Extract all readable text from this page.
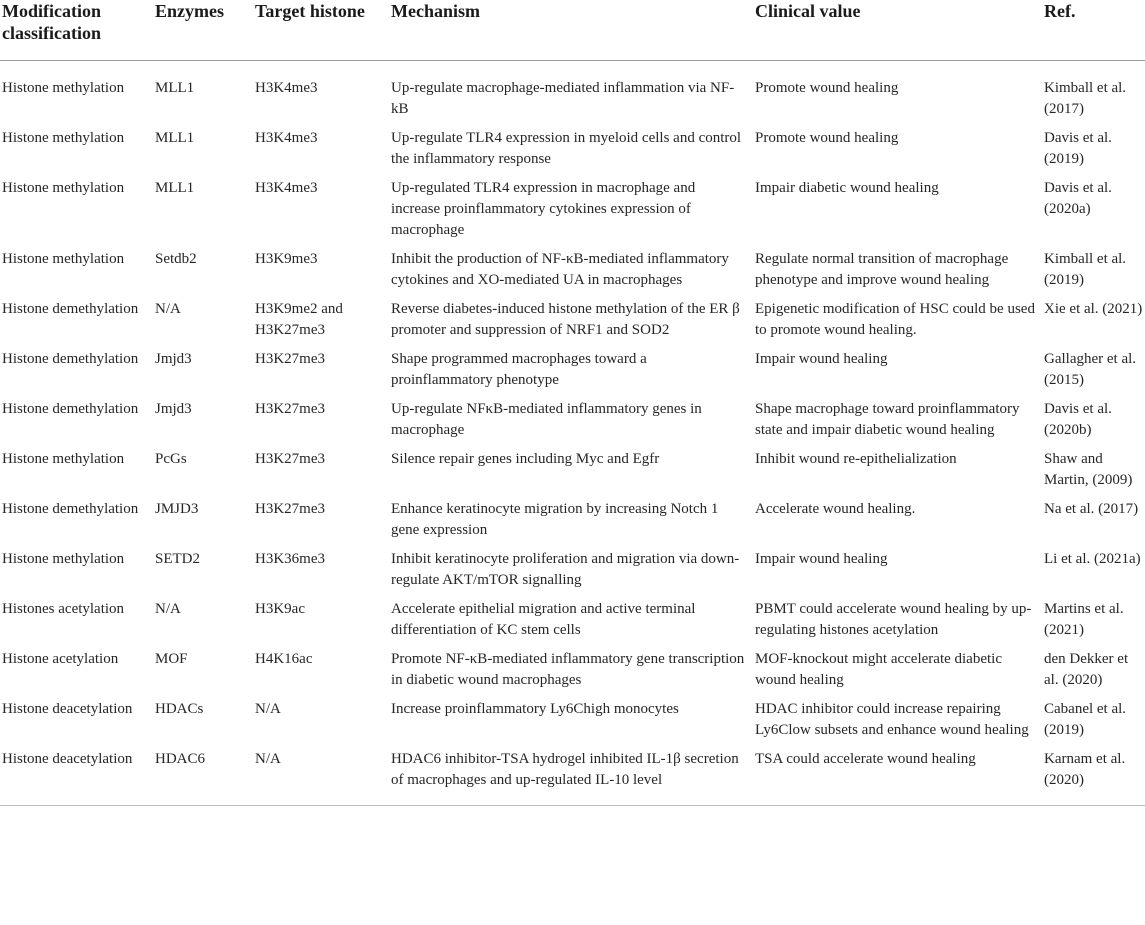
Modification classification	Enzymes	Target histone	Mechanism	Clinical value	Ref.
Histone methylation	MLL1	H3K4me3	Up-regulate macrophage-mediated inflammation via NF-kB	Promote wound healing	Kimball et al. (2017)
Histone methylation	MLL1	H3K4me3	Up-regulate TLR4 expression in myeloid cells and control the inflammatory response	Promote wound healing	Davis et al. (2019)
Histone methylation	MLL1	H3K4me3	Up-regulated TLR4 expression in macrophage and increase proinflammatory cytokines expression of macrophage	Impair diabetic wound healing	Davis et al. (2020a)
Histone methylation	Setdb2	H3K9me3	Inhibit the production of NF-κB-mediated inflammatory cytokines and XO-mediated UA in macrophages	Regulate normal transition of macrophage phenotype and improve wound healing	Kimball et al. (2019)
Histone demethylation	N/A	H3K9me2 and H3K27me3	Reverse diabetes-induced histone methylation of the ER β promoter and suppression of NRF1 and SOD2	Epigenetic modification of HSC could be used to promote wound healing.	Xie et al. (2021)
Histone demethylation	Jmjd3	H3K27me3	Shape programmed macrophages toward a proinflammatory phenotype	Impair wound healing	Gallagher et al. (2015)
Histone demethylation	Jmjd3	H3K27me3	Up-regulate NFκB-mediated inflammatory genes in macrophage	Shape macrophage toward proinflammatory state and impair diabetic wound healing	Davis et al. (2020b)
Histone methylation	PcGs	H3K27me3	Silence repair genes including Myc and Egfr	Inhibit wound re-epithelialization	Shaw and Martin, (2009)
Histone demethylation	JMJD3	H3K27me3	Enhance keratinocyte migration by increasing Notch 1 gene expression	Accelerate wound healing.	Na et al. (2017)
Histone methylation	SETD2	H3K36me3	Inhibit keratinocyte proliferation and migration via down-regulate AKT/mTOR signalling	Impair wound healing	Li et al. (2021a)
Histones acetylation	N/A	H3K9ac	Accelerate epithelial migration and active terminal differentiation of KC stem cells	PBMT could accelerate wound healing by up-regulating histones acetylation	Martins et al. (2021)
Histone acetylation	MOF	H4K16ac	Promote NF-κB-mediated inflammatory gene transcription in diabetic wound macrophages	MOF-knockout might accelerate diabetic wound healing	den Dekker et al. (2020)
Histone deacetylation	HDACs	N/A	Increase proinflammatory Ly6Chigh monocytes	HDAC inhibitor could increase repairing Ly6Clow subsets and enhance wound healing	Cabanel et al. (2019)
Histone deacetylation	HDAC6	N/A	HDAC6 inhibitor-TSA hydrogel inhibited IL-1β secretion of macrophages and up-regulated IL-10 level	TSA could accelerate wound healing	Karnam et al. (2020)
